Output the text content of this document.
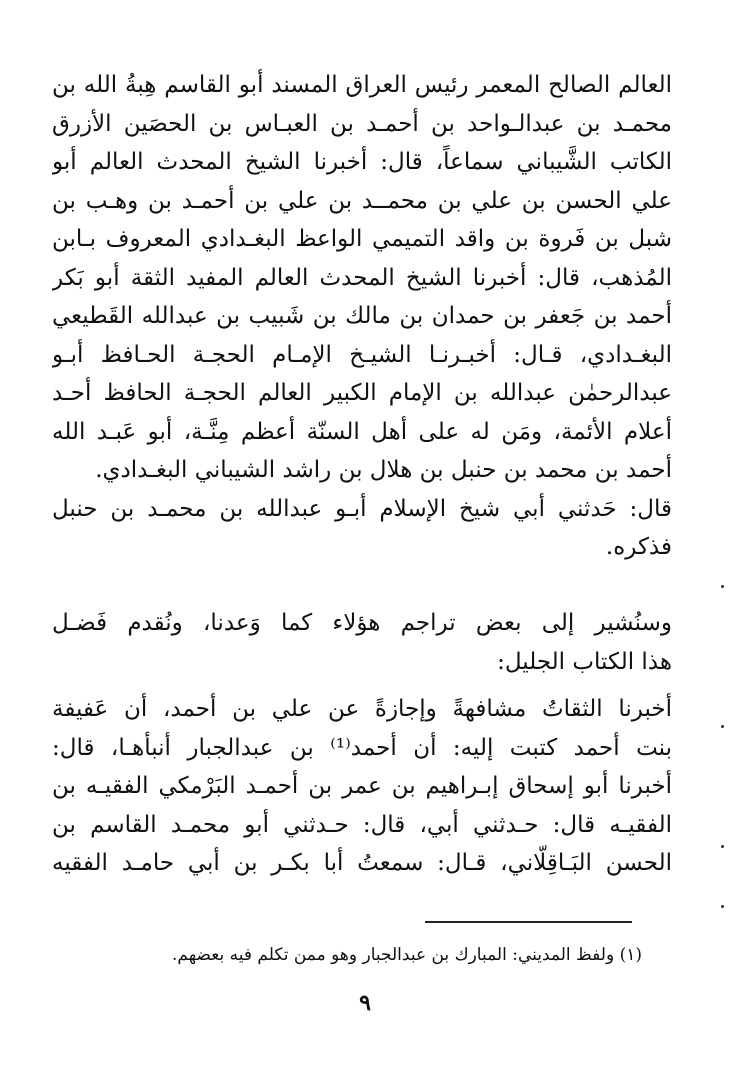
العالم الصالح المعمر رئيس العراق المسند أبو القاسم هِبةُ الله بن
محمـد بن عبدالـواحد بن أحمـد بن العبـاس بن الحصَين الأزرق
الكاتب الشَّيباني سماعاً، قال: أخبرنا الشيخ المحدث العالم أبو
علي الحسن بن علي بن محمــد بن علي بن أحمـد بن وهـب بن
شبل بن فَروة بن واقد التميمي الواعظ البغـدادي المعروف بـابن
المُذهب، قال: أخبرنا الشيخ المحدث العالم المفيد الثقة أبو بَكر
أحمد بن جَعفر بن حمدان بن مالك بن شَبيب بن عبدالله القَطيعي
البغـدادي، قـال: أخبـرنـا الشيـخ الإمـام الحجـة الحـافظ أبـو
عبدالرحمٰن عبدالله بن الإمام الكبير العالم الحجـة الحافظ أحـد
أعلام الأئمة، ومَن له على أهل السنّة أعظم مِنَّـة، أبو عَبـد الله
أحمد بن محمد بن حنبل بن هلال بن راشد الشيباني البغـدادي.
قال: حَدثني أبي شيخ الإسلام أبـو عبدالله بن محمـد بن حنبل
فذكره.
وسنُشير إلى بعض تراجم هؤلاء كما وَعدنا، ونُقدم فَضـل
هذا الكتاب الجليل:
أخبرنا الثقاتُ مشافهةً وإجازةً عن علي بن أحمد، أن عَفيفة
بنت أحمد كتبت إليه: أن أحمد⁽¹⁾ بن عبدالجبار أنبأهـا، قال:
أخبرنا أبو إسحاق إبـراهيم بن عمر بن أحمـد البَرْمكي الفقيـه بن
الفقيـه قال: حـدثني أبي، قال: حـدثني أبو محمـد القاسم بن
الحسن البَـاقِلّاني، قـال: سمعتُ أبا بكـر بن أبي حامـد الفقيه
(١) ولفظ المديني: المبارك بن عبدالجبار وهو ممن تكلم فيه بعضهم.
٩
